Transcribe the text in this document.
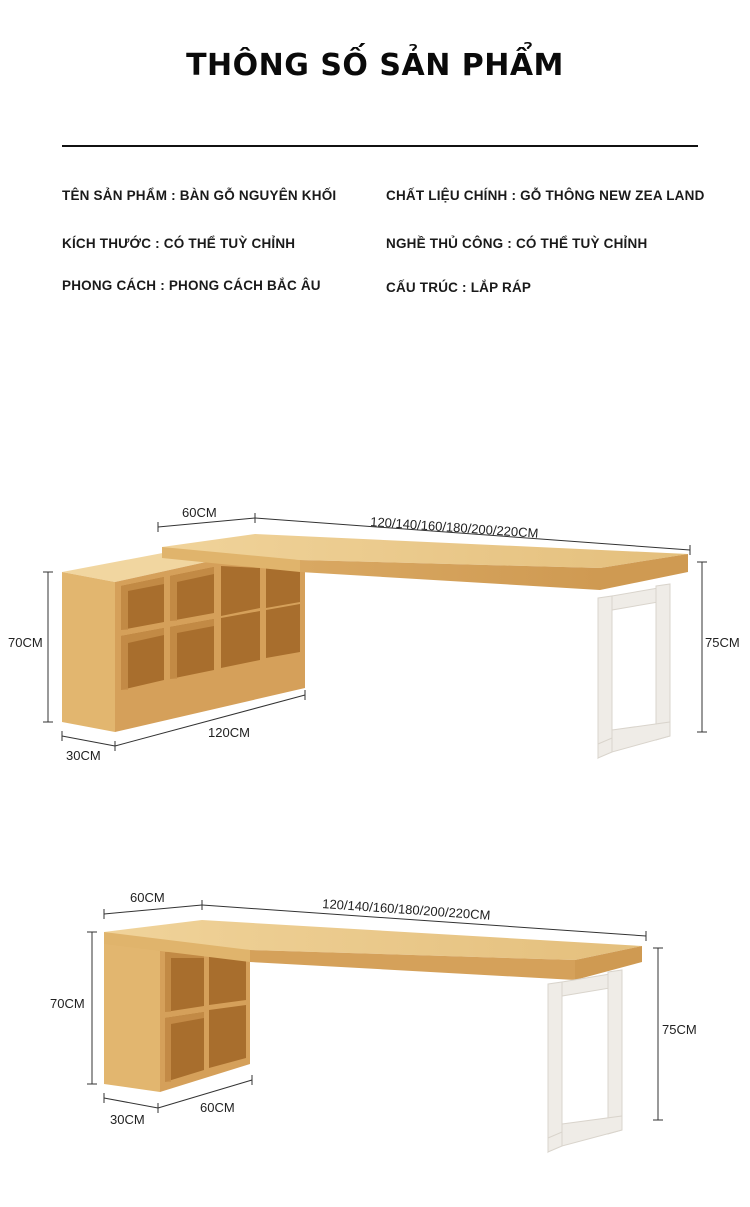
THÔNG SỐ SẢN PHẨM
TÊN SẢN PHẨM : BÀN GỖ NGUYÊN KHỐI
KÍCH THƯỚC : CÓ THỂ TUỲ CHỈNH
PHONG CÁCH : PHONG CÁCH BẮC ÂU
CHẤT LIỆU CHÍNH : GỖ THÔNG NEW ZEA LAND
NGHỀ THỦ CÔNG : CÓ THỂ TUỲ CHỈNH
CẤU TRÚC : LẮP RÁP
60CM
120/140/160/180/200/220CM
70CM	75CM
120CM
30CM
60CM	120/140/160/180/200/220CM
70CM
75CM
60CM
30CM
